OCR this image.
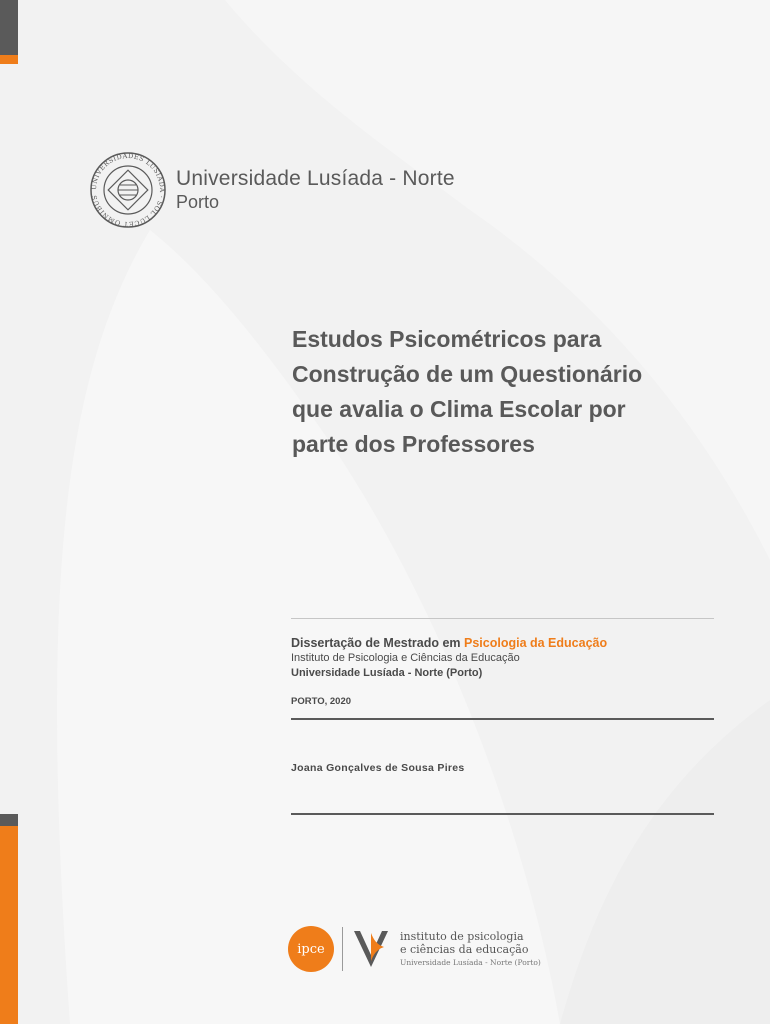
UNIVERSIDADES LUSÍADA · SOL LUCET OMNIBUS
Universidade Lusíada - Norte
Porto
Estudos Psicométricos para
Construção de um Questionário
que avalia o Clima Escolar por
parte dos Professores
Dissertação de Mestrado em Psicologia da Educação
Instituto de Psicologia e Ciências da Educação
Universidade Lusíada - Norte (Porto)
PORTO, 2020
Joana Gonçalves de Sousa Pires
ipce
instituto de psicologia
e ciências da educação
Universidade Lusíada - Norte (Porto)
